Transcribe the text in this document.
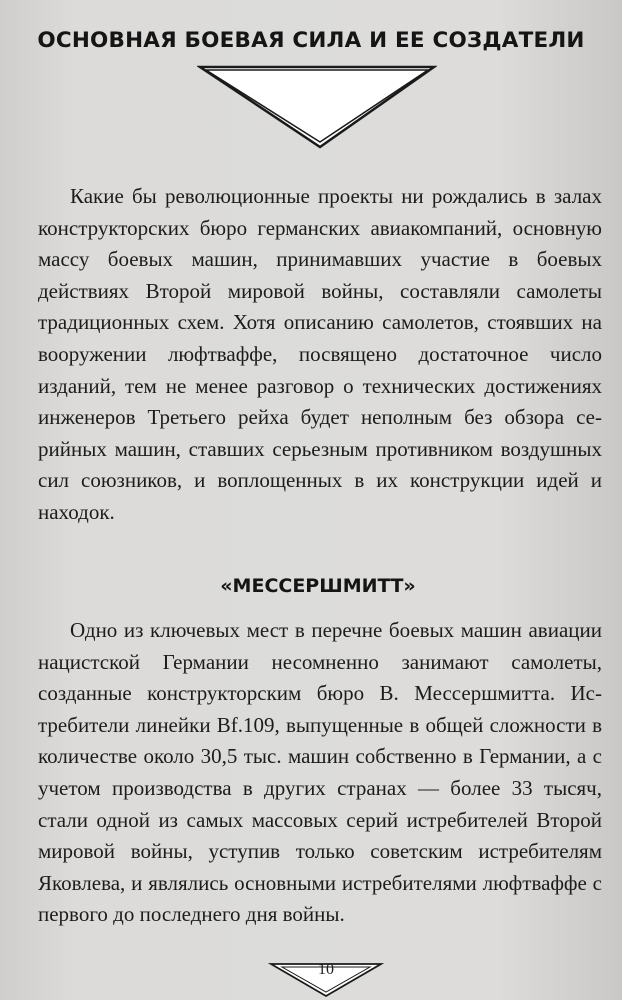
ОСНОВНАЯ БОЕВАЯ СИЛА И ЕЕ СОЗДАТЕЛИ

Какие бы революционные проекты ни рождались в залах конструкторских бюро германских авиакомпаний, основную массу боевых машин, принимавших участие в боевых действиях Второй мировой войны, составляли самолеты традиционных схем. Хотя описанию самолетов, стоявших на вооружении люфтваффе, посвящено достаточное число изданий, тем не менее разговор о технических достижениях инженеров Третьего рейха будет неполным без обзора серийных машин, ставших серьезным противником воздушных сил союзников, и воплощенных в их конструкции идей и находок.

«МЕССЕРШМИТТ»

Одно из ключевых мест в перечне боевых машин авиации нацистской Германии несомненно занимают самолеты, созданные конструкторским бюро В. Мессершмитта. Истребители линейки Bf.109, выпущенные в общей сложности в количестве около 30,5 тыс. машин собственно в Германии, а с учетом производства в других странах — более 33 тысяч, стали одной из самых массовых серий истребителей Второй мировой войны, уступив только советским истребителям Яковлева, и являлись основными истребителями люфтваффе с первого до последнего дня войны.

10
